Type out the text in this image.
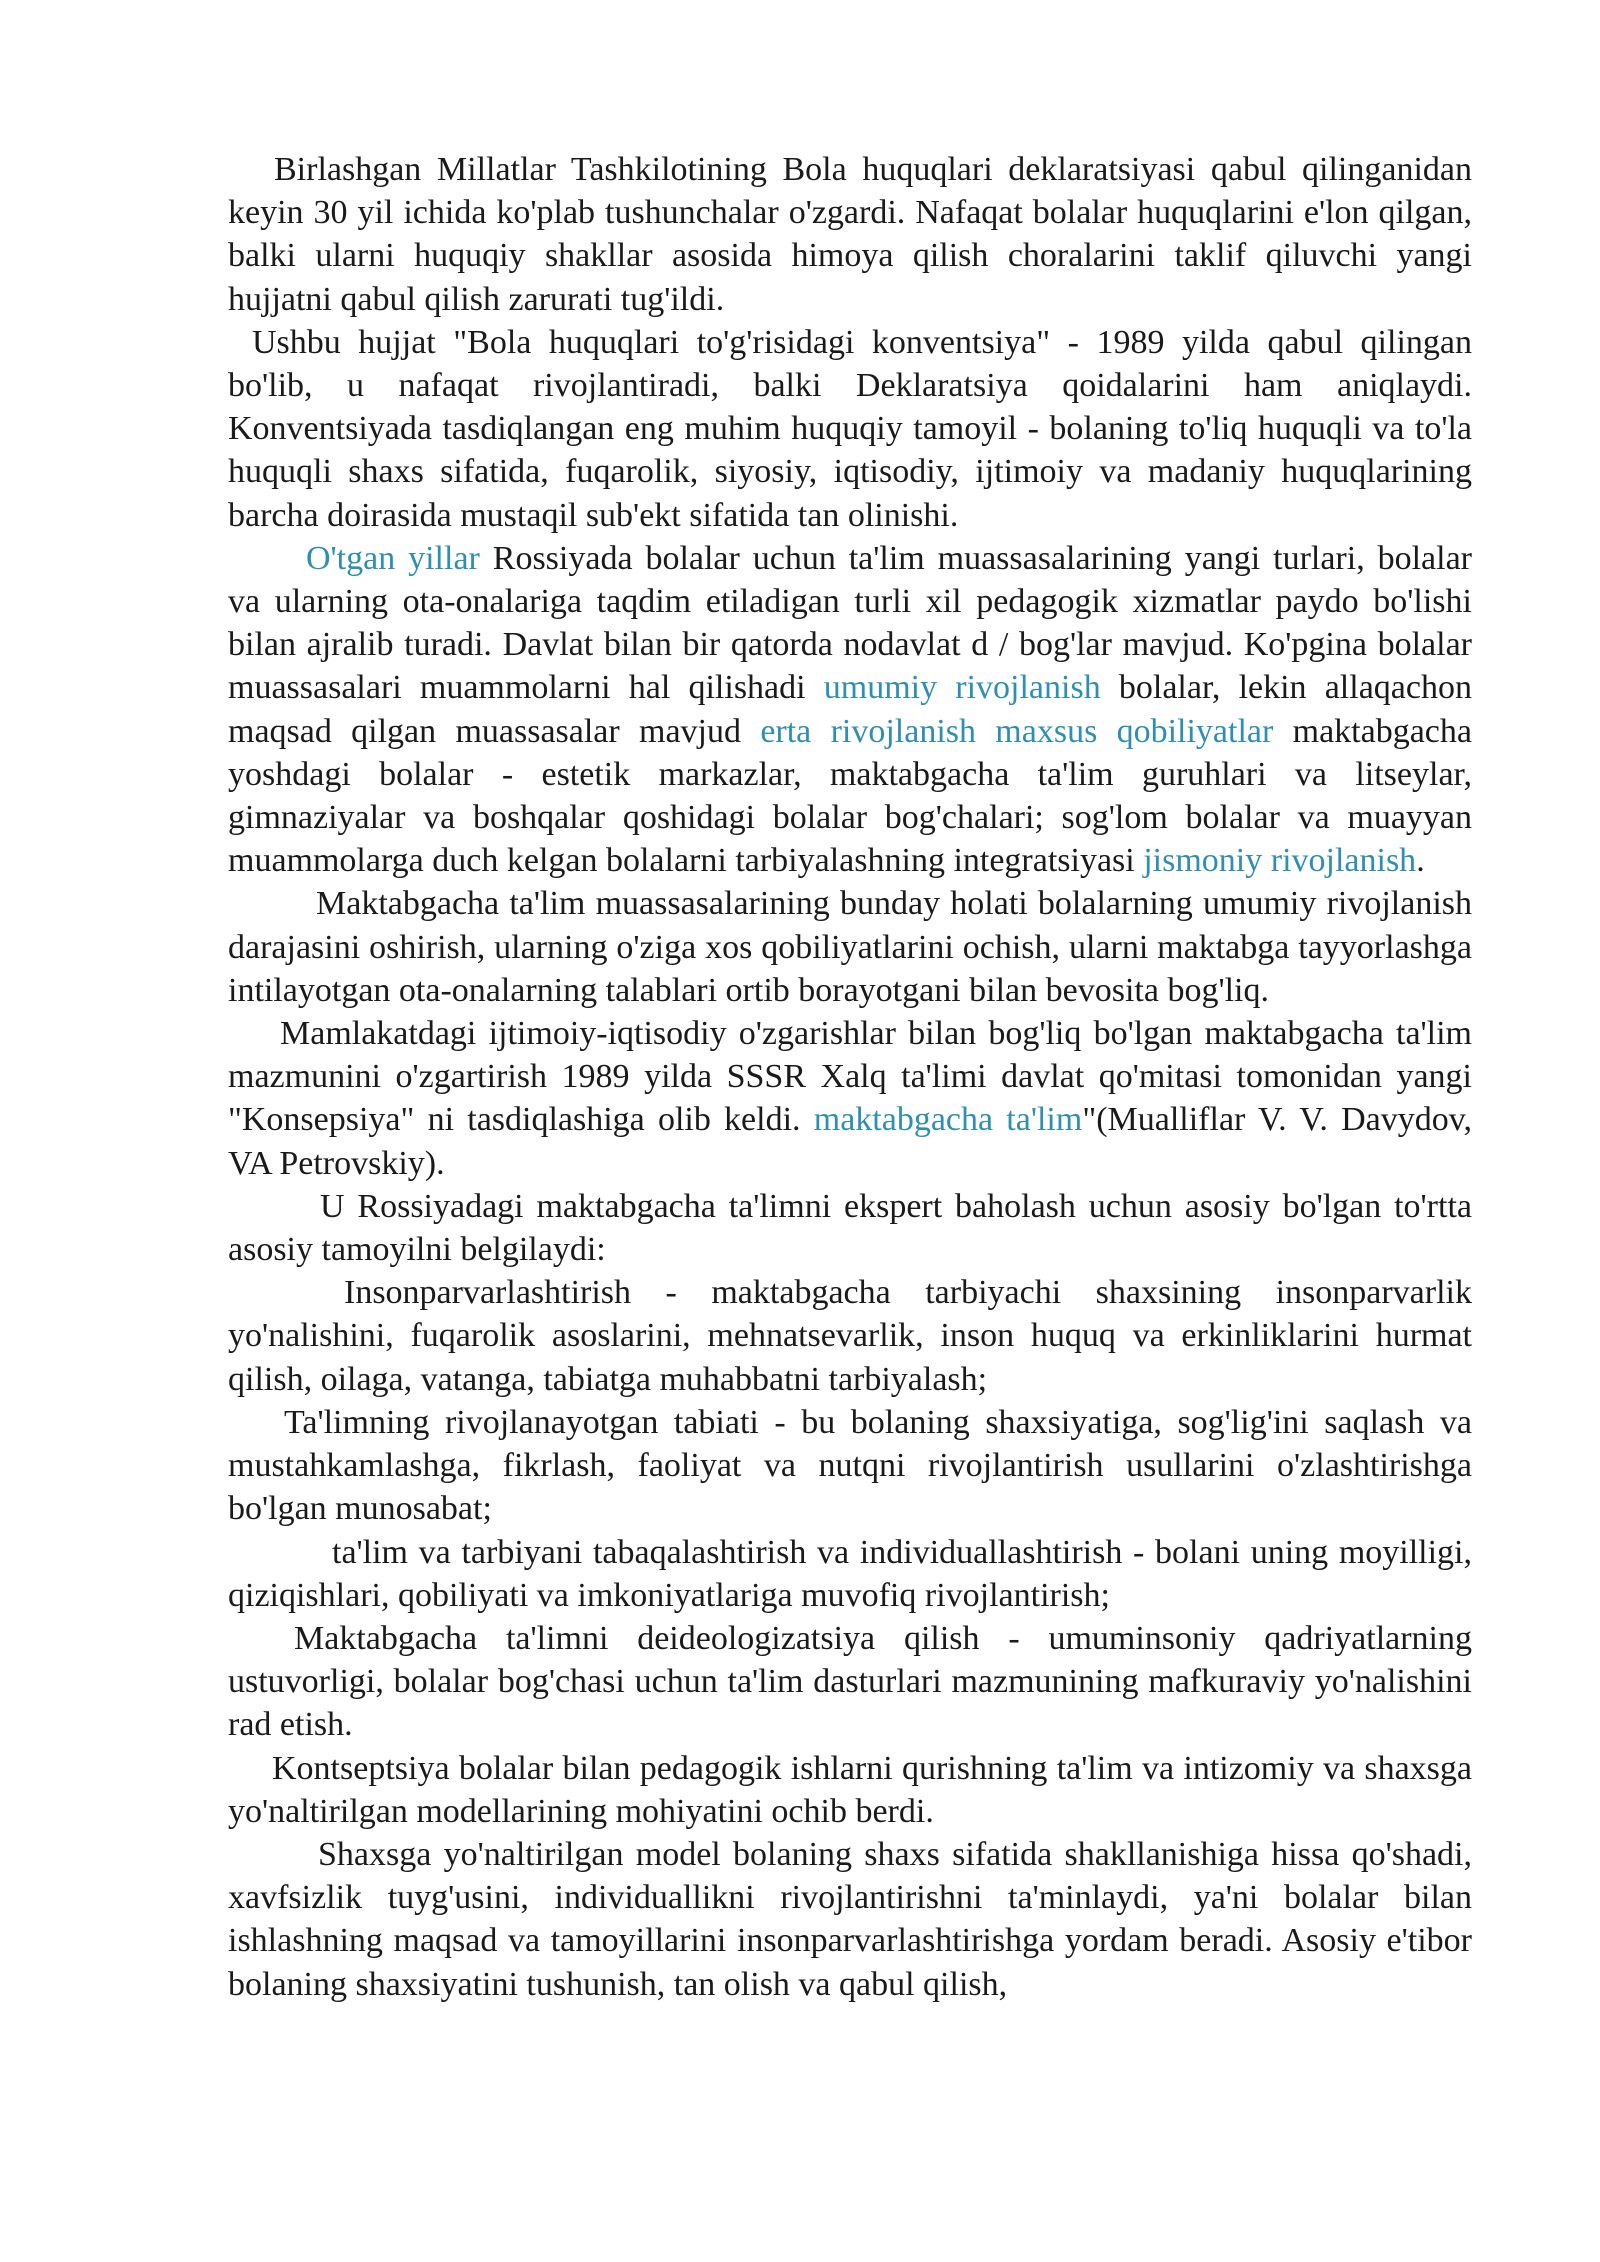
Birlashgan Millatlar Tashkilotining Bola huquqlari deklaratsiyasi qabul qilinganidan keyin 30 yil ichida ko'plab tushunchalar o'zgardi. Nafaqat bolalar huquqlarini e'lon qilgan, balki ularni huquqiy shakllar asosida himoya qilish choralarini taklif qiluvchi yangi hujjatni qabul qilish zarurati tug'ildi.

Ushbu hujjat "Bola huquqlari to'g'risidagi konventsiya" - 1989 yilda qabul qilingan bo'lib, u nafaqat rivojlantiradi, balki Deklaratsiya qoidalarini ham aniqlaydi. Konventsiyada tasdiqlangan eng muhim huquqiy tamoyil - bolaning to'liq huquqli va to'la huquqli shaxs sifatida, fuqarolik, siyosiy, iqtisodiy, ijtimoiy va madaniy huquqlarining barcha doirasida mustaqil sub'ekt sifatida tan olinishi.

O'tgan yillar Rossiyada bolalar uchun ta'lim muassasalarining yangi turlari, bolalar va ularning ota-onalariga taqdim etiladigan turli xil pedagogik xizmatlar paydo bo'lishi bilan ajralib turadi. Davlat bilan bir qatorda nodavlat d / bog'lar mavjud. Ko'pgina bolalar muassasalari muammolarni hal qilishadi umumiy rivojlanish bolalar, lekin allaqachon maqsad qilgan muassasalar mavjud erta rivojlanish maxsus qobiliyatlar maktabgacha yoshdagi bolalar - estetik markazlar, maktabgacha ta'lim guruhlari va litseylar, gimnaziyalar va boshqalar qoshidagi bolalar bog'chalari; sog'lom bolalar va muayyan muammolarga duch kelgan bolalarni tarbiyalashning integratsiyasi jismoniy rivojlanish.

Maktabgacha ta'lim muassasalarining bunday holati bolalarning umumiy rivojlanish darajasini oshirish, ularning o'ziga xos qobiliyatlarini ochish, ularni maktabga tayyorlashga intilayotgan ota-onalarning talablari ortib borayotgani bilan bevosita bog'liq.

Mamlakatdagi ijtimoiy-iqtisodiy o'zgarishlar bilan bog'liq bo'lgan maktabgacha ta'lim mazmunini o'zgartirish 1989 yilda SSSR Xalq ta'limi davlat qo'mitasi tomonidan yangi "Konsepsiya" ni tasdiqlashiga olib keldi. maktabgacha ta'lim"(Mualliflar V. V. Davydov, VA Petrovskiy).

U Rossiyadagi maktabgacha ta'limni ekspert baholash uchun asosiy bo'lgan to'rtta asosiy tamoyilni belgilaydi:

Insonparvarlashtirish - maktabgacha tarbiyachi shaxsining insonparvarlik yo'nalishini, fuqarolik asoslarini, mehnatsevarlik, inson huquq va erkinliklarini hurmat qilish, oilaga, vatanga, tabiatga muhabbatni tarbiyalash;

Ta'limning rivojlanayotgan tabiati - bu bolaning shaxsiyatiga, sog'lig'ini saqlash va mustahkamlashga, fikrlash, faoliyat va nutqni rivojlantirish usullarini o'zlashtirishga bo'lgan munosabat;

ta'lim va tarbiyani tabaqalashtirish va individuallashtirish - bolani uning moyilligi, qiziqishlari, qobiliyati va imkoniyatlariga muvofiq rivojlantirish;

Maktabgacha ta'limni deideologizatsiya qilish - umuminsoniy qadriyatlarning ustuvorligi, bolalar bog'chasi uchun ta'lim dasturlari mazmunining mafkuraviy yo'nalishini rad etish.

Kontseptsiya bolalar bilan pedagogik ishlarni qurishning ta'lim va intizomiy va shaxsga yo'naltirilgan modellarining mohiyatini ochib berdi.

Shaxsga yo'naltirilgan model bolaning shaxs sifatida shakllanishiga hissa qo'shadi, xavfsizlik tuyg'usini, individuallikni rivojlantirishni ta'minlaydi, ya'ni bolalar bilan ishlashning maqsad va tamoyillarini insonparvarlashtirishga yordam beradi. Asosiy e'tibor bolaning shaxsiyatini tushunish, tan olish va qabul qilish,
